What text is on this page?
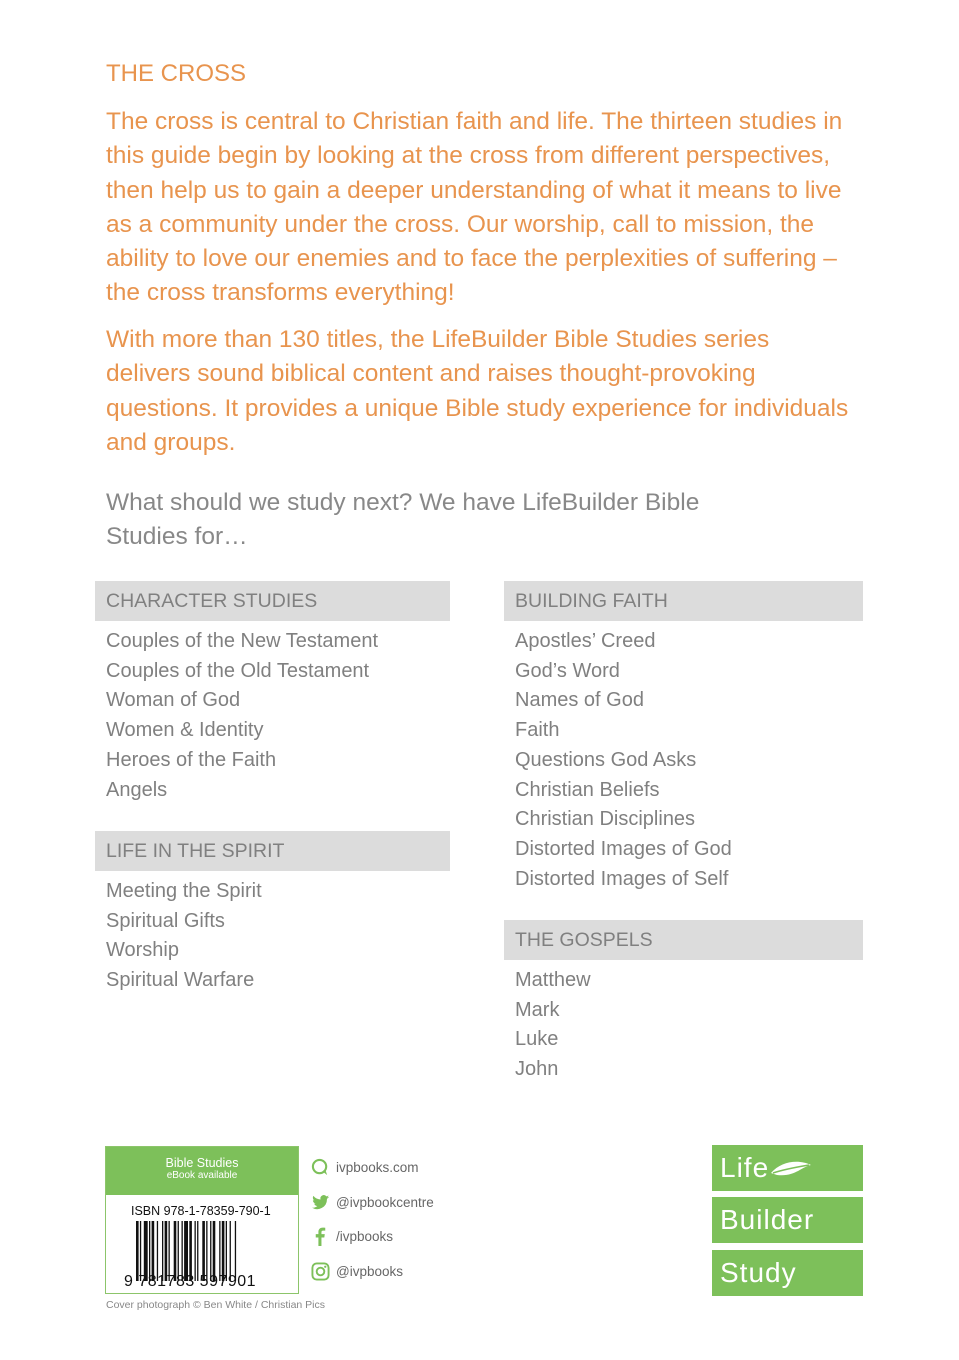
THE CROSS

The cross is central to Christian faith and life. The thirteen studies in this guide begin by looking at the cross from different perspectives, then help us to gain a deeper understanding of what it means to live as a community under the cross. Our worship, call to mission, the ability to love our enemies and to face the perplexities of suffering – the cross transforms everything!

With more than 130 titles, the LifeBuilder Bible Studies series delivers sound biblical content and raises thought-provoking questions. It provides a unique Bible study experience for individuals and groups.

What should we study next? We have LifeBuilder Bible Studies for…

CHARACTER STUDIES
Couples of the New Testament
Couples of the Old Testament
Woman of God
Women & Identity
Heroes of the Faith
Angels
LIFE IN THE SPIRIT
Meeting the Spirit
Spiritual Gifts
Worship
Spiritual Warfare
BUILDING FAITH
Apostles’ Creed
God’s Word
Names of God
Faith
Questions God Asks
Christian Beliefs
Christian Disciplines
Distorted Images of God
Distorted Images of Self
THE GOSPELS
Matthew
Mark
Luke
John
Bible Studies
eBook available
ISBN 978-1-78359-790-1
9 781783 597901
ivpbooks.com
@ivpbookcentre
/ivpbooks
@ivpbooks
Cover photograph © Ben White / Christian Pics
Life
Builder
Study
